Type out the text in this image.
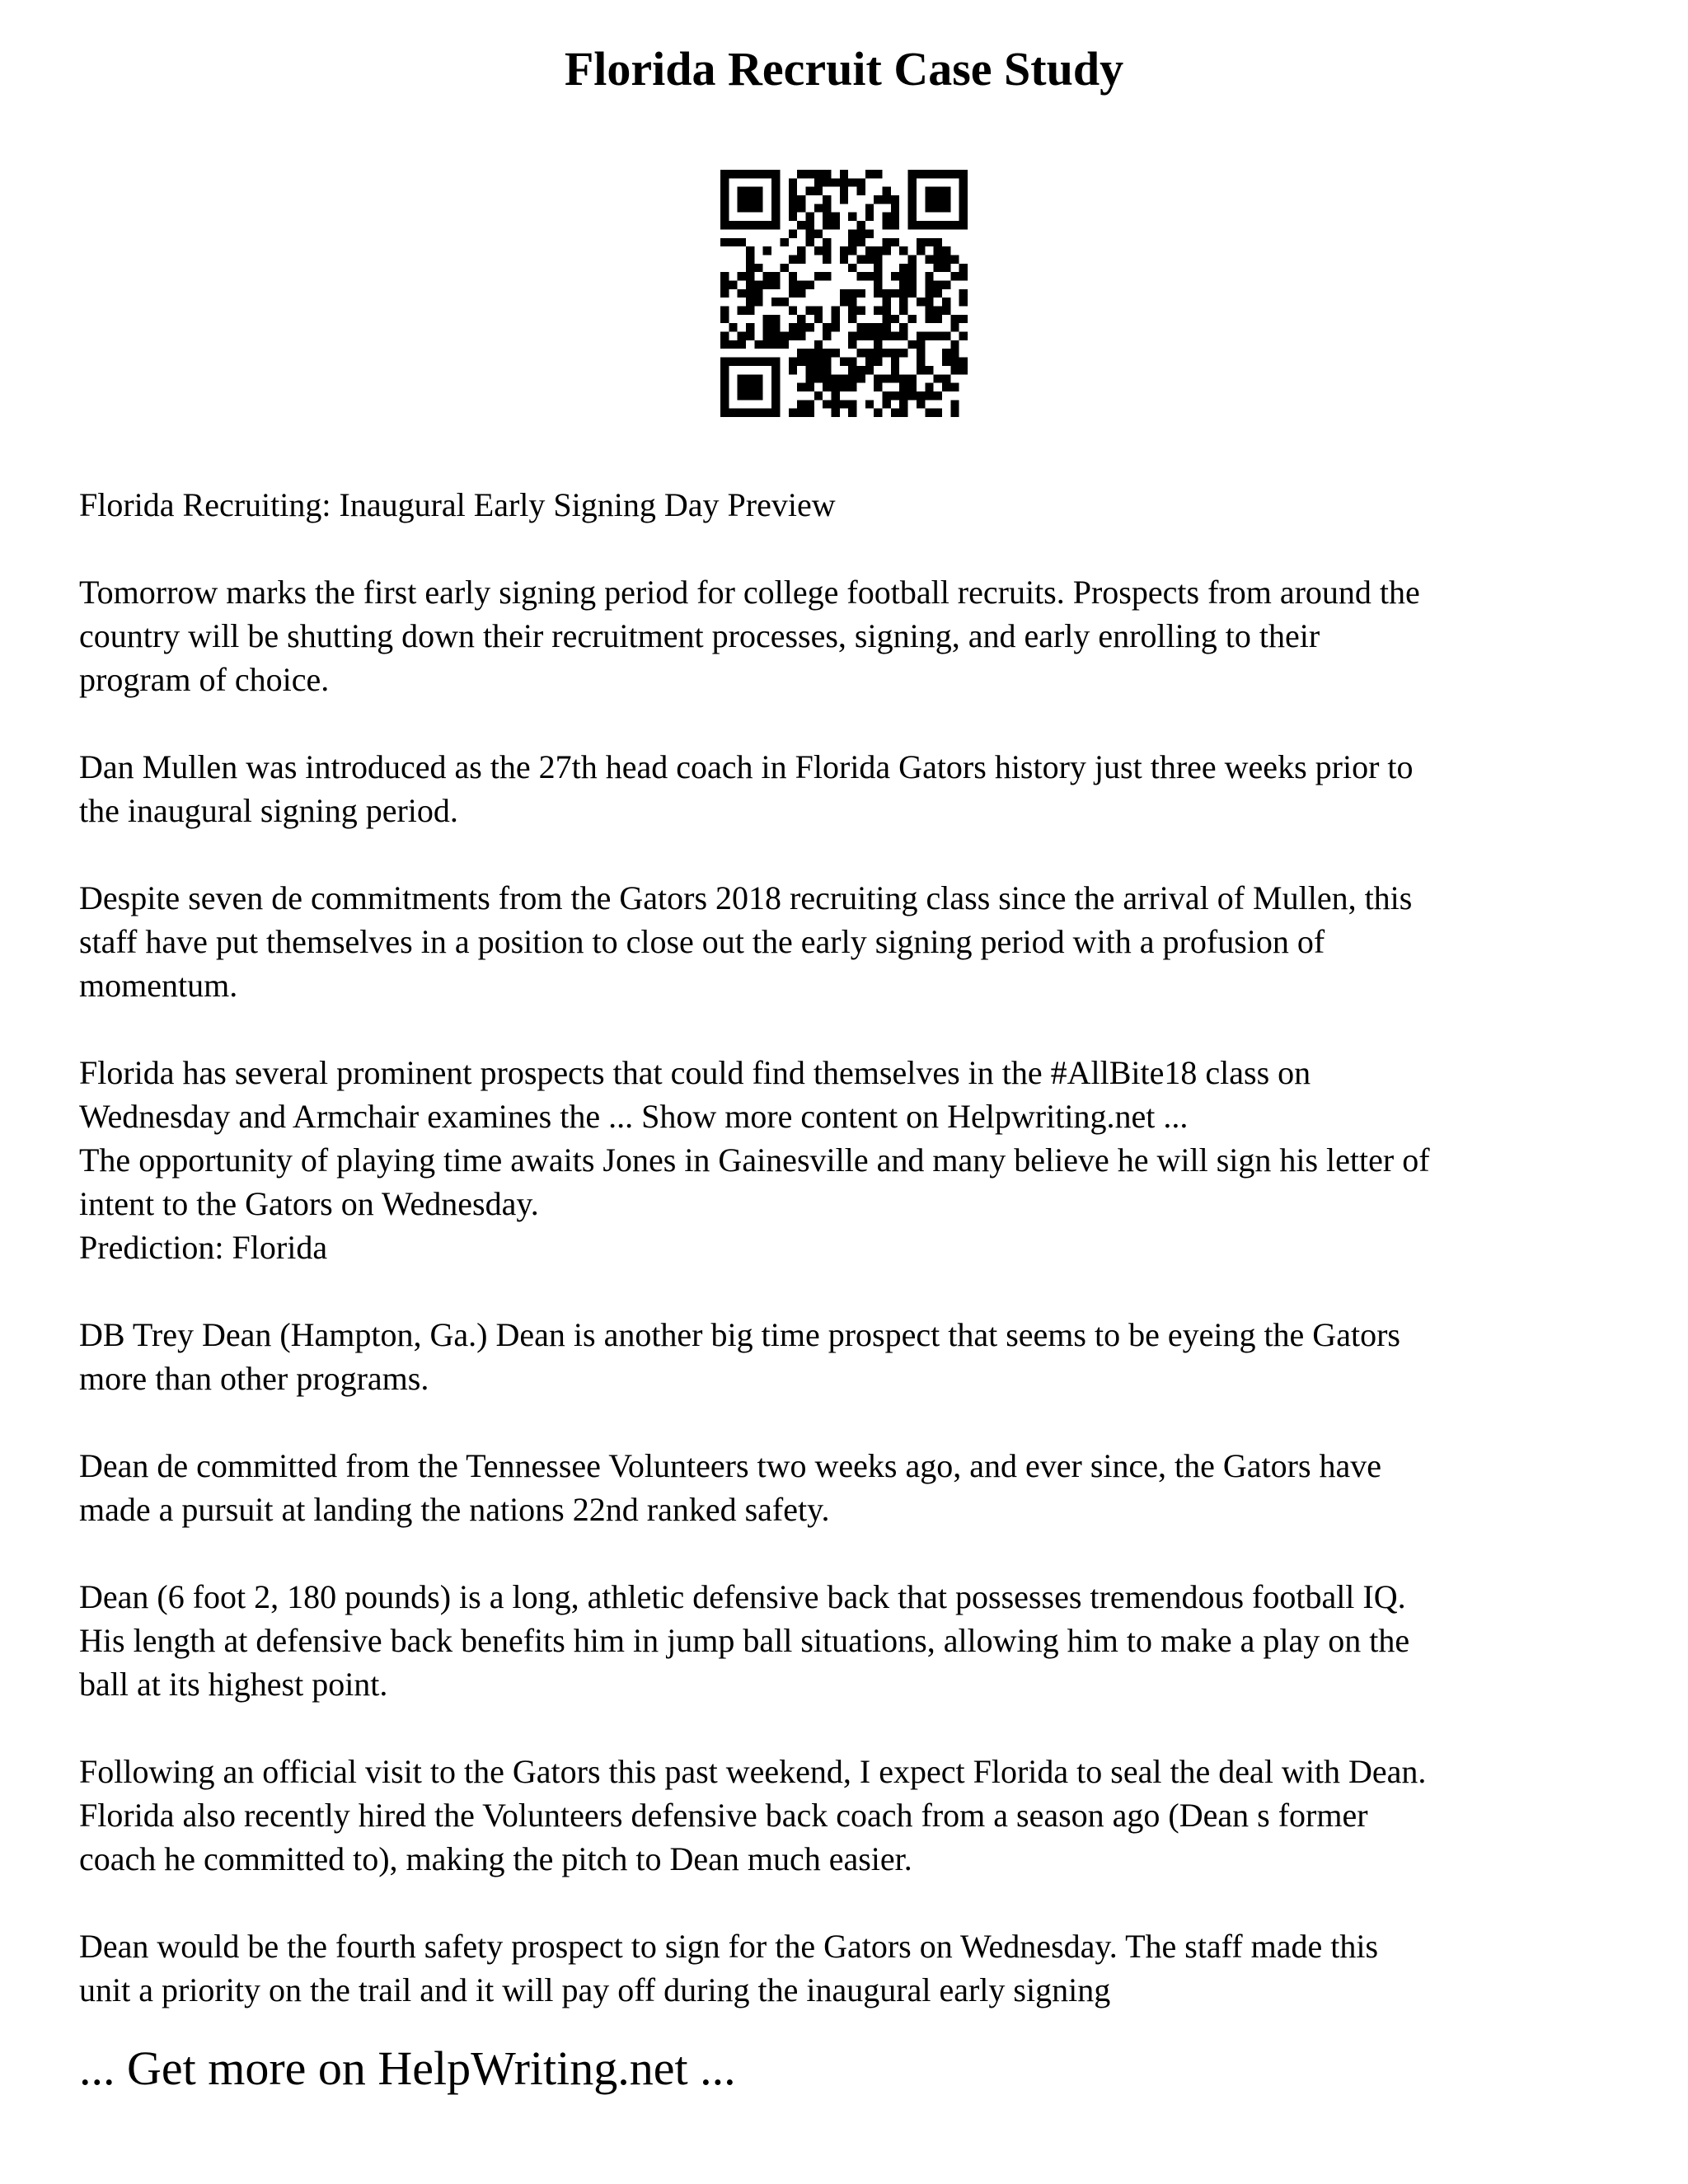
Florida Recruit Case Study

Florida Recruiting: Inaugural Early Signing Day Preview

Tomorrow marks the first early signing period for college football recruits. Prospects from around the
country will be shutting down their recruitment processes, signing, and early enrolling to their
program of choice.

Dan Mullen was introduced as the 27th head coach in Florida Gators history just three weeks prior to
the inaugural signing period.

Despite seven de commitments from the Gators 2018 recruiting class since the arrival of Mullen, this
staff have put themselves in a position to close out the early signing period with a profusion of
momentum.

Florida has several prominent prospects that could find themselves in the #AllBite18 class on
Wednesday and Armchair examines the ... Show more content on Helpwriting.net ...
The opportunity of playing time awaits Jones in Gainesville and many believe he will sign his letter of
intent to the Gators on Wednesday.
Prediction: Florida

DB Trey Dean (Hampton, Ga.) Dean is another big time prospect that seems to be eyeing the Gators
more than other programs.

Dean de committed from the Tennessee Volunteers two weeks ago, and ever since, the Gators have
made a pursuit at landing the nations 22nd ranked safety.

Dean (6 foot 2, 180 pounds) is a long, athletic defensive back that possesses tremendous football IQ.
His length at defensive back benefits him in jump ball situations, allowing him to make a play on the
ball at its highest point.

Following an official visit to the Gators this past weekend, I expect Florida to seal the deal with Dean.
Florida also recently hired the Volunteers defensive back coach from a season ago (Dean s former
coach he committed to), making the pitch to Dean much easier.

Dean would be the fourth safety prospect to sign for the Gators on Wednesday. The staff made this
unit a priority on the trail and it will pay off during the inaugural early signing

... Get more on HelpWriting.net ...
